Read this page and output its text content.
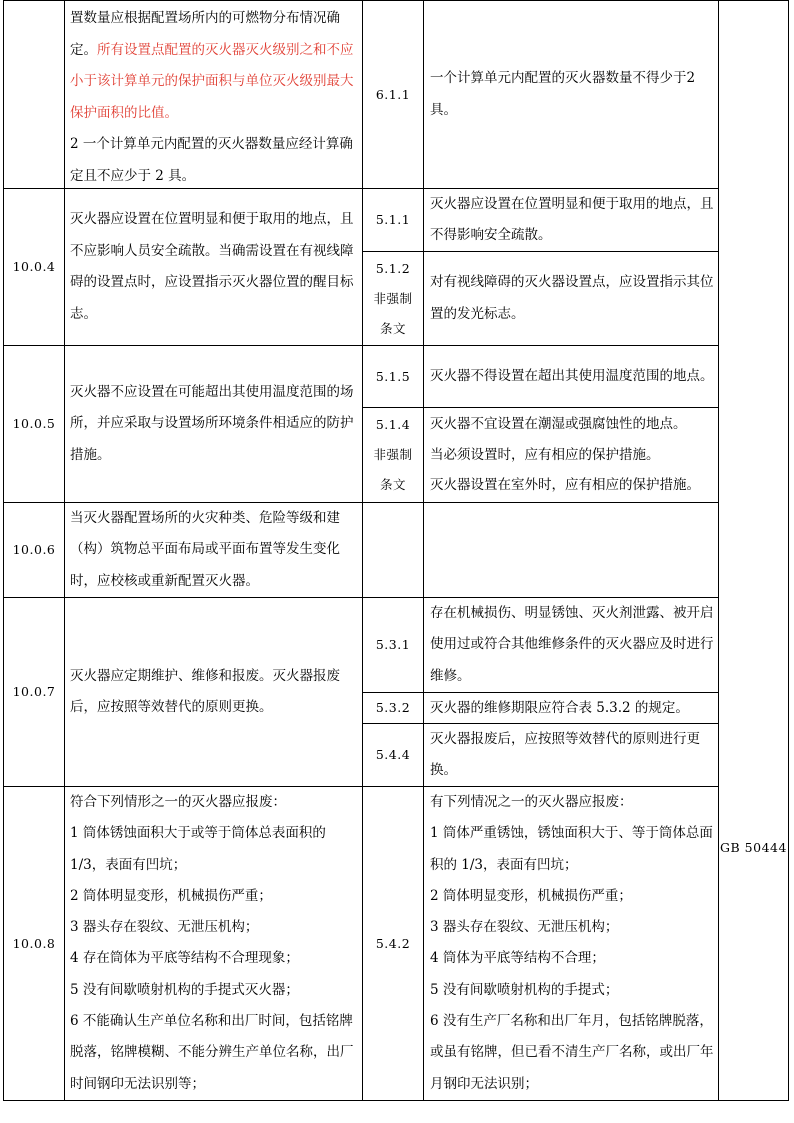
置数量应根据配置场所内的可燃物分布情况确定。所有设置点配置的灭火器灭火级别之和不应小于该计算单元的保护面积与单位灭火级别最大保护面积的比值。
2 一个计算单元内配置的灭火器数量应经计算确定且不应少于 2 具。
6.1.1
一个计算单元内配置的灭火器数量不得少于2 具。
10.0.4
灭火器应设置在位置明显和便于取用的地点，且不应影响人员安全疏散。当确需设置在有视线障碍的设置点时，应设置指示灭火器位置的醒目标志。
5.1.1
灭火器应设置在位置明显和便于取用的地点，且不得影响安全疏散。
5.1.2
非强制条文
对有视线障碍的灭火器设置点，应设置指示其位置的发光标志。
10.0.5
灭火器不应设置在可能超出其使用温度范围的场所，并应采取与设置场所环境条件相适应的防护措施。
5.1.5	灭火器不得设置在超出其使用温度范围的地点。
5.1.4
非强制条文
灭火器不宜设置在潮湿或强腐蚀性的地点。
当必须设置时，应有相应的保护措施。
灭火器设置在室外时，应有相应的保护措施。
10.0.6
当灭火器配置场所的火灾种类、危险等级和建（构）筑物总平面布局或平面布置等发生变化时，应校核或重新配置灭火器。
10.0.7
灭火器应定期维护、维修和报废。灭火器报废后，应按照等效替代的原则更换。
5.3.1
存在机械损伤、明显锈蚀、灭火剂泄露、被开启使用过或符合其他维修条件的灭火器应及时进行维修。
5.3.2	灭火器的维修期限应符合表 5.3.2 的规定。
5.4.4
灭火器报废后，应按照等效替代的原则进行更换。
10.0.8
符合下列情形之一的灭火器应报废：
1 筒体锈蚀面积大于或等于筒体总表面积的1/3，表面有凹坑；
2 筒体明显变形，机械损伤严重；
3 器头存在裂纹、无泄压机构；
4 存在筒体为平底等结构不合理现象；
5 没有间歇喷射机构的手提式灭火器；
6 不能确认生产单位名称和出厂时间，包括铭牌脱落，铭牌模糊、不能分辨生产单位名称，出厂时间钢印无法识别等；
5.4.2
有下列情况之一的灭火器应报废：
1 筒体严重锈蚀，锈蚀面积大于、等于筒体总面积的 1/3，表面有凹坑；
2 筒体明显变形，机械损伤严重；
3 器头存在裂纹、无泄压机构；
4 筒体为平底等结构不合理；
5 没有间歇喷射机构的手提式；
6 没有生产厂名称和出厂年月，包括铭牌脱落，或虽有铭牌，但已看不清生产厂名称，或出厂年月钢印无法识别；
GB 50444
